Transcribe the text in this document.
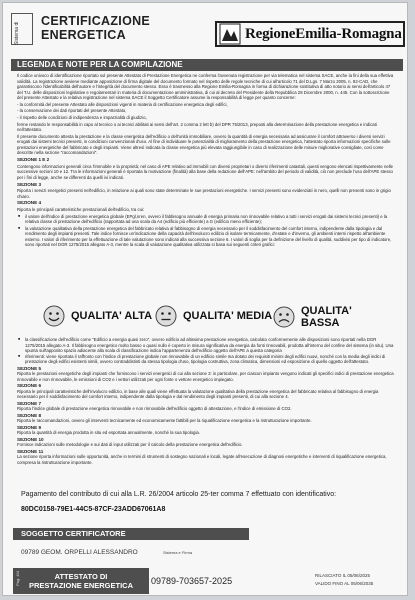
Sistema di
CERTIFICAZIONE
ENERGETICA	RegioneEmilia-Romagna
LEGENDA E NOTE PER LA COMPILAZIONE

Il codice univoco di identificazione riportato sul presente Attestato di Prestazione Energetica ne conferma l'avvenuta registrazione per via telematica nel sistema SACE, anche la fini della sua effettiva validità. La registrazione avviene mediante apposizione di firma digitale del documento formato nel rispetto delle regole tecniche di cui all'articolo 71 del D.Lgs. 7 Marzo 2005, n. 82-CAD, che garantiscono l'identificabilità dell'autore e l'integrità del documento stesso. Esso è trasmesso alla Regione Emilia-Romagna in forma di dichiarazione sostitutiva di atto notorio ai sensi dell'articolo 47 del T.U. delle disposizioni legislative e regolamentari in materia di documentazione amministrativa, di cui al decreto del Presidente della Repubblica 28 Dicembre 2000, n. 445. Con la sottoscrizione del presente Attestato e la relativa registrazione nel sistema SACE il Soggetto Certificatore assume la responsabilità di legge per quanto concerne:

- la conformità del presente Attestato alle disposizioni vigenti in materia di certificazione energetica degli edifici,

- la conservazione dei dati riportati del presente Attestato,

- il rispetto delle condizioni di indipendenza e imparzialità di giudizio,

ferme restando le responsabilità in capo al tecnico o ai tecnici abilitati ai sensi dell'art. 2 comma 2 lett b) del DPR 75/2013, preposti alla determinazione della prestazione energetica e indicati nell'attestato.

Il presente documento attesta la prestazione e la classe energetica dell'edificio o dell'unità immobiliare, ovvero la quantità di energia necessaria ad assicurare il comfort attraverso i diversi servizi erogati dai sistemi tecnici presenti, in condizioni convenzionali d'uso. Al fine di individuare le potenzialità di miglioramento della prestazione energetica, l'attestato riporta informazioni specifiche sulle prestazioni energetiche del fabbricato e degli impianti. Viene altresì indicata la classe energetica più elevata raggiungibile in caso di realizzazione delle misure migliorative consigliate, così come descritte nella sezione "raccomandazioni".

SEZIONE 1 E 2

Contengono informazioni generali circa l'immobile e la proprietà; nel caso di APE relativo ad immobili con diversi proprietari o diversi riferimenti catastali, questi vengono elencati rispettivamente nelle successive sezioni 10 e 12. Tra le informazioni generali è riportata la motivazione (finalità) alla base della redazione dell'APE: nell'ambito del periodo di validità, ciò non preclude l'uso dell'APE stesso per i fini di legge, anche se differenti da quelli ivi indicati.

SEZIONE 3

Riporta i servizi energetici presenti nell'edificio, in relazione ai quali sono state determinate le sue prestazioni energetiche. I servizi presenti sono evidenziati in nero, quelli non presenti sono in grigio chiaro.

SEZIONE 4

Riporta le principali caratteristiche prestazionali dell'edificio, tra cui:

■ il valore dell'indice di prestazione energetica globale (EPgl,nren, ovvero il fabbisogno annuale di energia primaria non rinnovabile relativo a tutti i servizi erogati dai sistemi tecnici presenti) e la relativa classe di prestazione dell'edificio (rapportata ad una scala da A4 (edificio più efficiente) a G (edificio meno efficiente);

■ la valutazione qualitativa della prestazione energetica del fabbricato relativa al fabbisogno di energia necessario per il soddisfacimento del comfort interno, indipendente dalla tipologia e dal rendimento degli impianti presenti. Tale indice fornisce un'indicazione della capacità dell'involucro edilizio di isolare termicamente, d'estate e d'inverno, gli ambienti interni rispetto all'ambiente esterno. I valori di riferimento per la effettuazione di tale valutazione sono indicati alla successiva sezione 6. I valori di soglia per la definizione del livello di qualità, suddivisi per tipo di indicatore, sono riportati nel DGR 1275/2015 allegato A-3, mentre la scala di valutazione qualitativa utilizzata si basa sui seguenti criteri grafici:

QUALITA' ALTA	QUALITA' MEDIA	QUALITA' BASSA

■ la classificazione dell'edificio come "Edificio a energia quasi zero", ovvero edificio ad altissima prestazione energetica, calcolato conformemente alle disposizioni sono riportati nella DGR 1275/2015 allegato A-3. Il fabbisogno energetico molto basso o quasi nullo è coperto in misura significativa da energia da fonti rinnovabili, prodotta all'interno del confine del sistema (in situ). Una spunta sull'apposito spazio adiacente alla scala di classificazione indica l'appartenenza dell'edificio oggetto dell'APE a questa categoria

■ riferimenti: viene riportata il raffronto con l'indice di prestazione globale non rinnovabile di un edificio simile ma dotato dei requisiti minimi degli edifici nuovi, nonché con la media degli indici di prestazione degli edifici esistenti simili, ovvero contraddistinti da stessa tipologia d'uso, tipologia costruttiva, zona climatica, dimensioni ed esposizione di quello oggetto dell'attestato.

SEZIONE 5

Riporta le prestazioni energetiche degli impianti che forniscono i servizi energetici di cui alla sezione 3: in particolare, per ciascun impianto vengono indicati gli specifici indici di prestazione energetica rinnovabile e non rinnovabile, le emissioni di CO2 e i vettori utilizzati per ogni fonte o vettore energetico impiegato.

SEZIONE 6

Riporta le principali caratteristiche dell'involucro edilizio, in base alle quali viene effettuata la valutazione qualitativa della prestazione energetica del fabbricato relativa al fabbisogno di energia necessario per il soddisfacimento del comfort interno, indipendente dalla tipologia e dal rendimento degli impianti presenti, di cui alla sezione 4.

SEZIONE 7

Riporta l'indice globale di prestazione energetica rinnovabile e non rinnovabile dell'edificio oggetto di attestazione, e l'indice di emissione di CO2.

SEZIONE 8

Riporta le raccomandazioni, ovvero gli interventi tecnicamente ed economicamente fattibili per la riqualificazione energetica e la ristrutturazione importante.

SEZIONE 9

Riporta la quantità di energia prodotta in situ ed esportata annualmente, nonché la sua tipologia.

SEZIONE 10

Fornisce indicazioni sulle metodologie e sui dati di input utilizzati per il calcolo della prestazione energetica dell'edificio.

SEZIONE 11

La sezione riporta informazioni sulle opportunità, anche in termini di strumenti di sostegno nazionali e locali, legate all'esecuzione di diagnosi energetiche e interventi di riqualificazione energetica, compresa la ristrutturazione importante.

Pagamento del contributo di cui alla L.R. 26/2004 articolo 25-ter comma 7 effettuato con identificativo:
80DC0158-79E1-44C5-87CF-23ADD67061A8
SOGGETTO CERTIFICATORE
09789 GEOM. ORPELLI ALESSANDRO	Sistema e Firma
ATTESTATO DI
PRESTAZIONE ENERGETICA
Pag. 4/4	09789-703657-2025
RILASCIATO IL 05/06/2025
VALIDO FINO AL 05/06/2035
